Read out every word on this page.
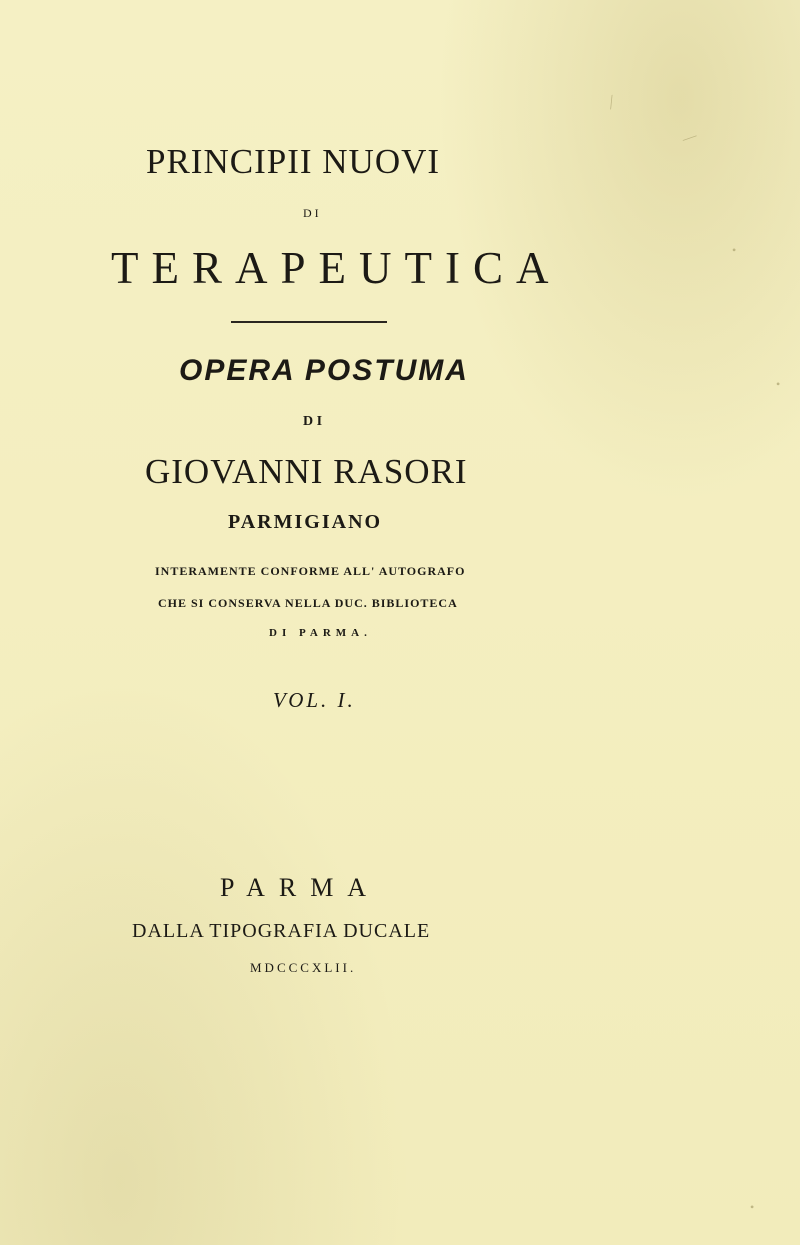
⁄
⁄
•
•
•

PRINCIPII NUOVI

D I

TERAPEUTICA

OPERA POSTUMA

D I

GIOVANNI RASORI

PARMIGIANO

INTERAMENTE CONFORME ALL' AUTOGRAFO

CHE SI CONSERVA NELLA DUC. BIBLIOTECA

DI PARMA.

VOL. I.

PARMA

DALLA TIPOGRAFIA DUCALE

MDCCCXLII.
